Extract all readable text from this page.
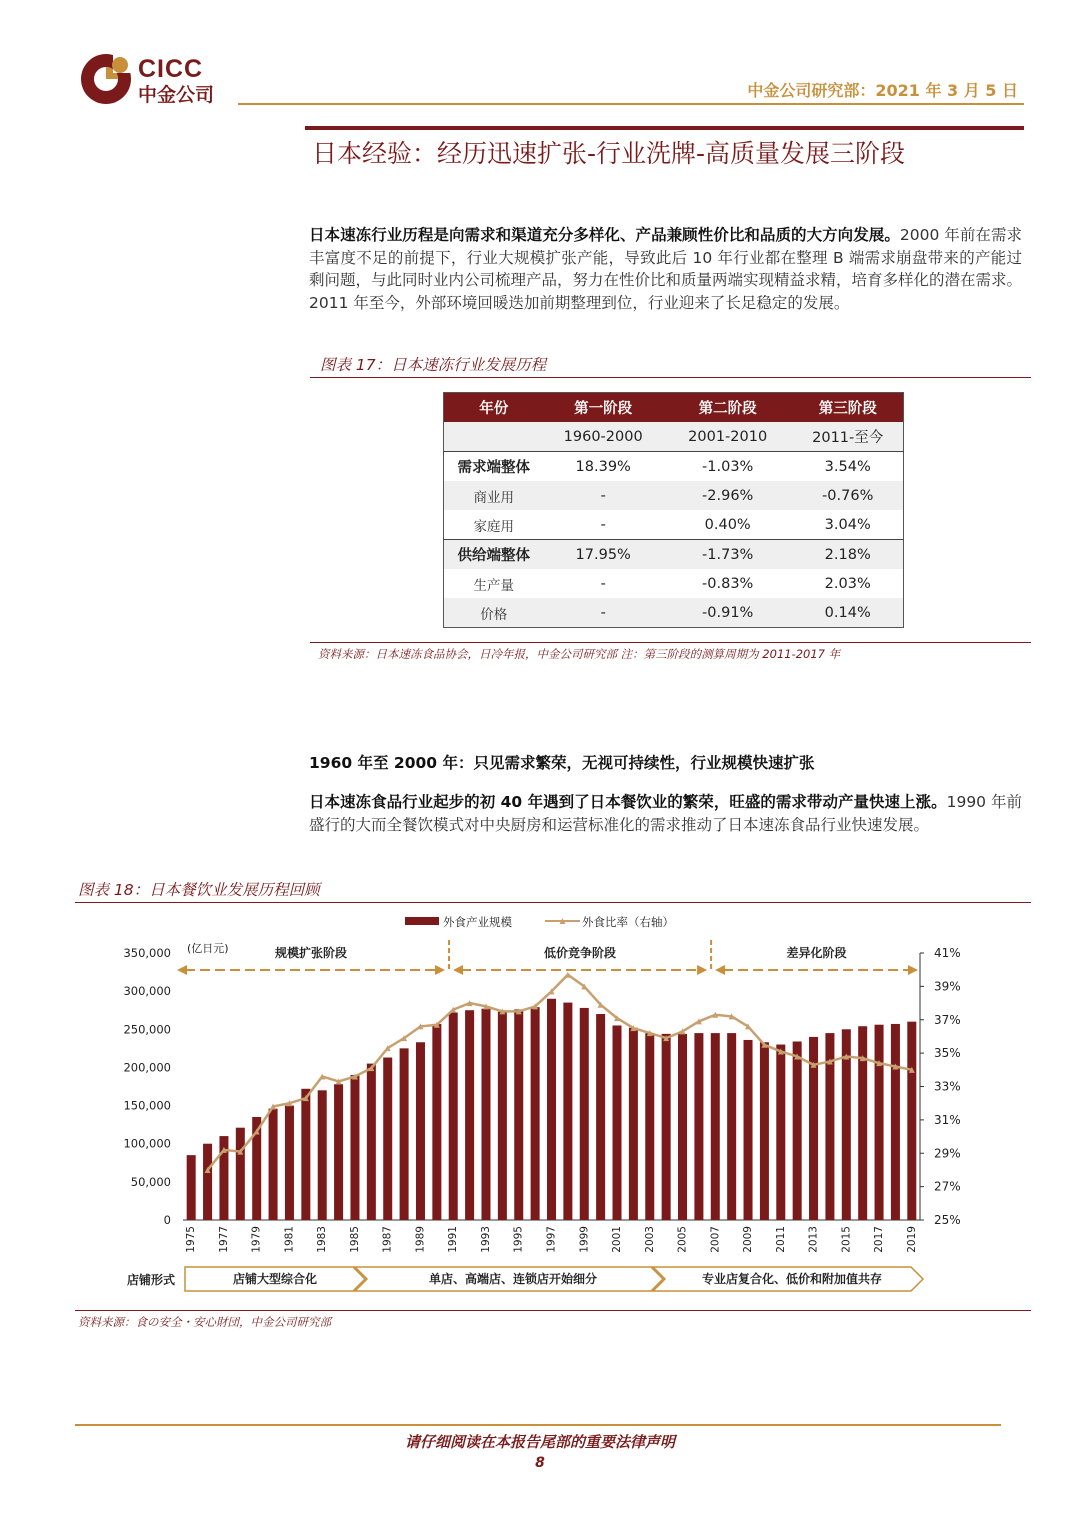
CICC
中金公司	中金公司研究部：2021 年 3 月 5 日
日本经验：经历迅速扩张-行业洗牌-高质量发展三阶段
日本速冻行业历程是向需求和渠道充分多样化、产品兼顾性价比和品质的大方向发展。2000 年前在需求丰富度不足的前提下，行业大规模扩张产能，导致此后 10 年行业都在整理 B 端需求崩盘带来的产能过剩问题，与此同时业内公司梳理产品，努力在性价比和质量两端实现精益求精，培育多样化的潜在需求。2011 年至今，外部环境回暖迭加前期整理到位，行业迎来了长足稳定的发展。
图表 17：日本速冻行业发展历程
年份	第一阶段	第二阶段	第三阶段
	1960-2000	2001-2010	2011-至今
需求端整体	18.39%	-1.03%	3.54%
商业用	-	-2.96%	-0.76%
家庭用	-	0.40%	3.04%
供给端整体	17.95%	-1.73%	2.18%
生产量	-	-0.83%	2.03%
价格	-	-0.91%	0.14%
资料来源：日本速冻食品协会，日冷年报，中金公司研究部 注：第三阶段的测算周期为 2011-2017 年
1960 年至 2000 年：只见需求繁荣，无视可持续性，行业规模快速扩张
日本速冻食品行业起步的初 40 年遇到了日本餐饮业的繁荣，旺盛的需求带动产量快速上涨。1990 年前盛行的大而全餐饮模式对中央厨房和运营标准化的需求推动了日本速冻食品行业快速发展。
图表 18：日本餐饮业发展历程回顾
0
50,000
100,000
150,000
200,000
250,000
300,000
350,000 (亿日元)
25%
27%
29%
31%
33%
35%
37%
39%
41%
1975 1977 1979 1981 1983 1985 1987 1989 1991 1993 1995 1997 1999 2001 2003 2005 2007 2009 2011 2013 2015 2017 2019
外食产业规模	外食比率（右轴）
规模扩张阶段	低价竞争阶段	差异化阶段
店铺形式	店铺大型综合化	单店、高端店、连锁店开始细分	专业店复合化、低价和附加值共存
资料来源：食の安全・安心財団，中金公司研究部
请仔细阅读在本报告尾部的重要法律声明
8
